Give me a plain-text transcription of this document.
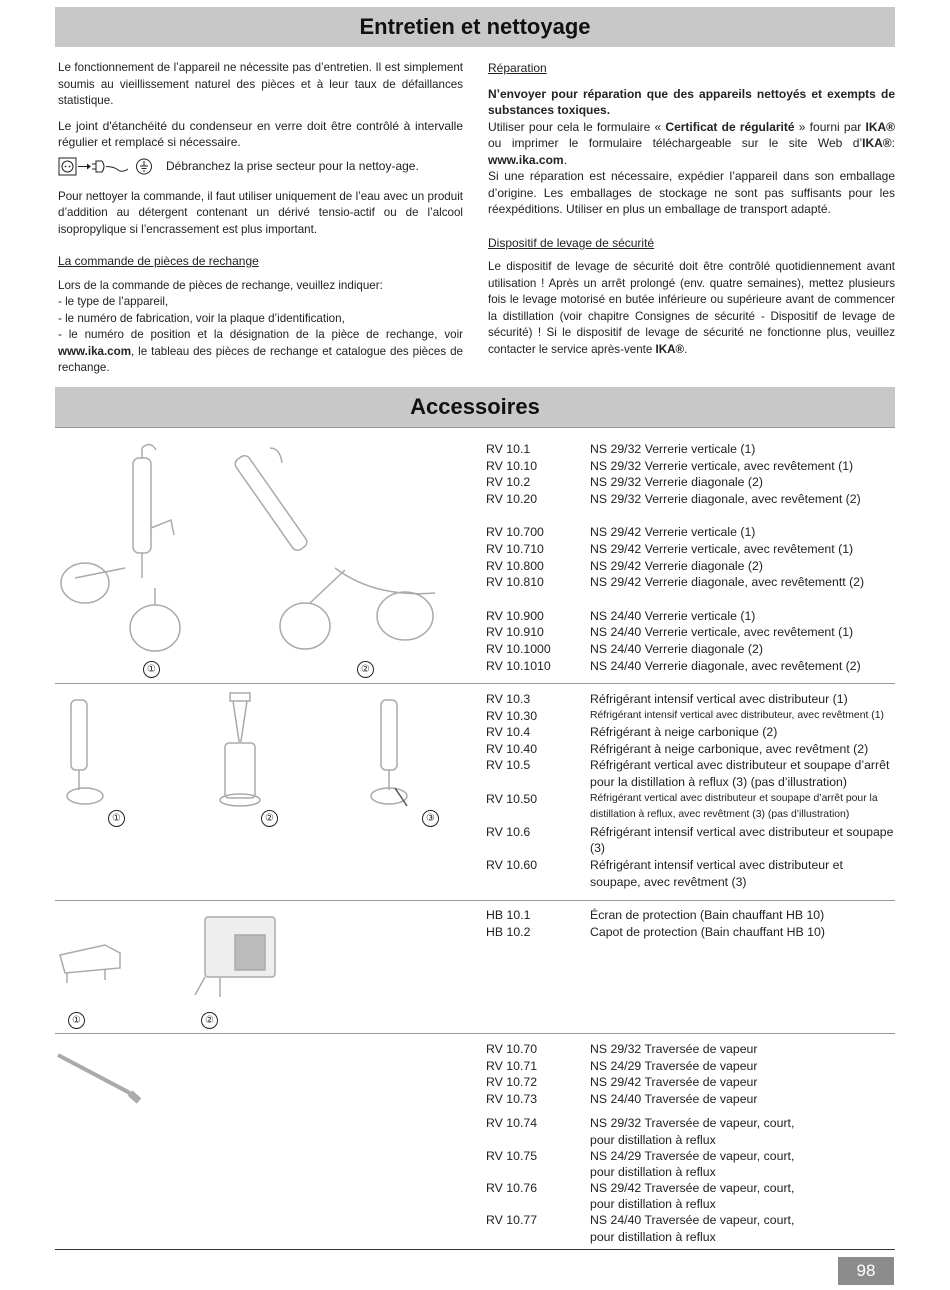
Entretien et nettoyage

Le fonctionnement de l’appareil ne nécessite pas d’entretien. Il est simplement soumis au vieillissement naturel des pièces et à leur taux de défaillances statistique.

Le joint d'étanchéité du condenseur en verre doit être contrôlé à intervalle régulier et remplacé si nécessaire.

Débranchez la prise secteur pour la nettoy-age.

Pour nettoyer la commande, il faut utiliser uniquement de l’eau avec un produit d’addition au détergent contenant un dérivé tensio-actif ou de l’alcool isopropylique si l’encrassement est plus important.

La commande de pièces de rechange

Lors de la commande de pièces de rechange, veuillez indiquer:

- le type de l’appareil,

- le numéro de fabrication, voir la plaque d’identification,

- le numéro de position et la désignation de la pièce de rechange, voir www.ika.com, le tableau des pièces de rechange et catalogue des pièces de rechange.

Réparation

N’envoyer pour réparation que des appareils nettoyés et exempts de substances toxiques.

Utiliser pour cela le formulaire « Certificat de régularité » fourni par IKA® ou imprimer le formulaire téléchargeable sur le site Web d’IKA®: www.ika.com.

Si une réparation est nécessaire, expédier l’appareil dans son emballage d’origine. Les emballages de stockage ne sont pas suffisants pour les réexpéditions. Utiliser en plus un emballage de transport adapté.

Dispositif de levage de sécurité

Le dispositif de levage de sécurité doit être contrôlé quotidiennement avant utilisation ! Après un arrêt prolongé (env. quatre semaines), mettez plusieurs fois le levage motorisé en butée inférieure ou supérieure avant de commencer la distillation (voir chapitre Consignes de sécurité - Dispositif de levage de sécurité) ! Si le dispositif de levage de sécurité ne fonctionne plus, veuillez contacter le service après-vente IKA®.

Accessoires
①	②
RV 10.1	NS 29/32 Verrerie verticale (1)
RV 10.10	NS 29/32 Verrerie verticale, avec revêtement (1)
RV 10.2	NS 29/32 Verrerie diagonale (2)
RV 10.20	NS 29/32 Verrerie diagonale, avec revêtement (2)
RV 10.700	NS 29/42 Verrerie verticale (1)
RV 10.710	NS 29/42 Verrerie verticale, avec revêtement (1)
RV 10.800	NS 29/42 Verrerie diagonale (2)
RV 10.810	NS 29/42 Verrerie diagonale, avec revêtementt (2)
RV 10.900	NS 24/40 Verrerie verticale (1)
RV 10.910	NS 24/40 Verrerie verticale, avec revêtement (1)
RV 10.1000	NS 24/40 Verrerie diagonale (2)
RV 10.1010	NS 24/40 Verrerie diagonale, avec revêtement (2)
①	②	③
RV 10.3	Réfrigérant intensif vertical avec distributeur (1)
RV 10.30	Réfrigérant intensif vertical avec distributeur, avec revêtment (1)
RV 10.4	Réfrigérant à neige carbonique (2)
RV 10.40	Réfrigérant à neige carbonique, avec revêtment (2)
RV 10.5	Réfrigérant vertical avec distributeur et soupape d’arrêt pour la distillation à reflux (3) (pas d’illustration)
RV 10.50	Réfrigérant vertical avec distributeur et soupape d’arrêt pour la distillation à reflux, avec revêtment (3) (pas d’illustration)
RV 10.6	Réfrigérant intensif vertical avec distributeur et soupape (3)
RV 10.60	Réfrigérant intensif vertical avec distributeur et soupape, avec revêtment (3)
①	②
HB 10.1	Écran de protection (Bain chauffant HB 10)
HB 10.2	Capot de protection (Bain chauffant HB 10)
RV 10.70	NS 29/32 Traversée de vapeur
RV 10.71	NS 24/29 Traversée de vapeur
RV 10.72	NS 29/42 Traversée de vapeur
RV 10.73	NS 24/40 Traversée de vapeur
RV 10.74	NS 29/32 Traversée de vapeur, court,
pour distillation à reflux
RV 10.75	NS 24/29 Traversée de vapeur, court,
pour distillation à reflux
RV 10.76	NS 29/42 Traversée de vapeur, court,
pour distillation à reflux
RV 10.77	NS 24/40 Traversée de vapeur, court,
pour distillation à reflux
98
